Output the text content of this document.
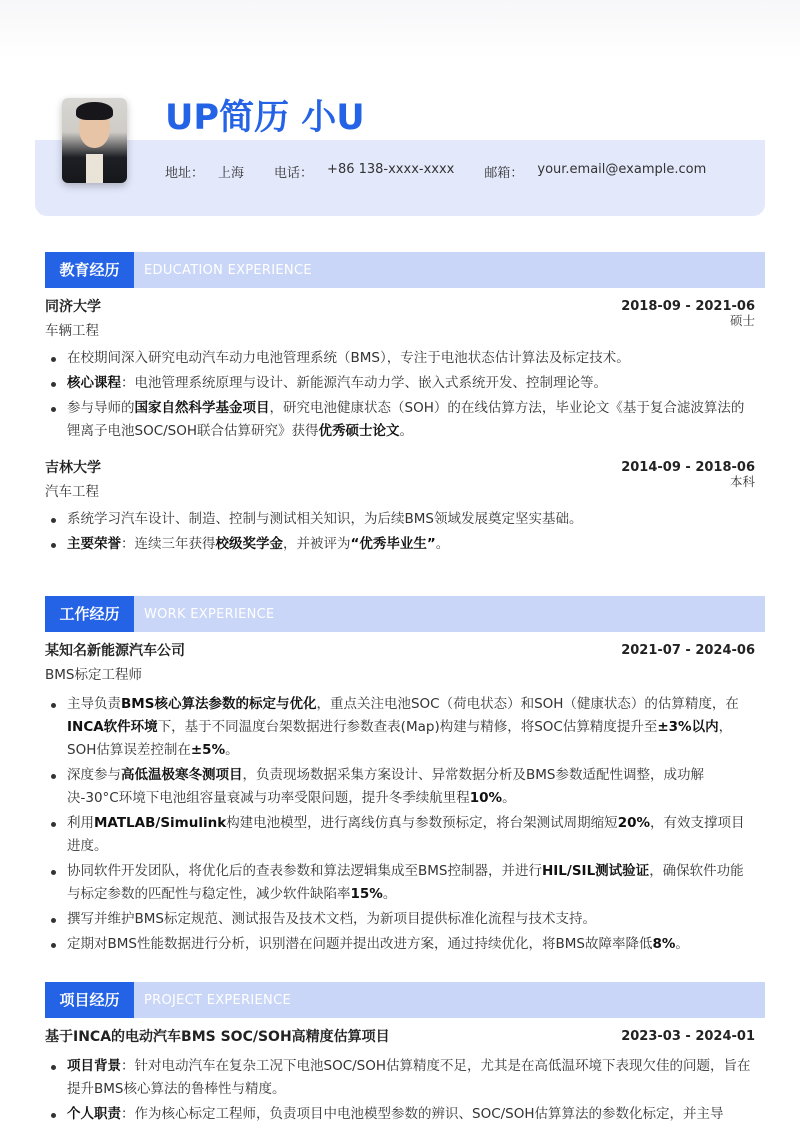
UP简历 小U
地址： 上海 电话： +86 138-xxxx-xxxx 邮箱： your.email@example.com
教育经历	EDUCATION EXPERIENCE
同济大学	2018-09 - 2021-06
车辆工程
硕士
在校期间深入研究电动汽车动力电池管理系统（BMS），专注于电池状态估计算法及标定技术。
核心课程：电池管理系统原理与设计、新能源汽车动力学、嵌入式系统开发、控制理论等。
参与导师的国家自然科学基金项目，研究电池健康状态（SOH）的在线估算方法，毕业论文《基于复合滤波算法的锂离子电池SOC/SOH联合估算研究》获得优秀硕士论文。
吉林大学	2014-09 - 2018-06
汽车工程
本科
系统学习汽车设计、制造、控制与测试相关知识，为后续BMS领域发展奠定坚实基础。
主要荣誉：连续三年获得校级奖学金，并被评为“优秀毕业生”。
工作经历	WORK EXPERIENCE
某知名新能源汽车公司	2021-07 - 2024-06
BMS标定工程师
主导负责BMS核心算法参数的标定与优化，重点关注电池SOC（荷电状态）和SOH（健康状态）的估算精度，在INCA软件环境下，基于不同温度台架数据进行参数查表(Map)构建与精修，将SOC估算精度提升至±3%以内，SOH估算误差控制在±5%。
深度参与高低温极寒冬测项目，负责现场数据采集方案设计、异常数据分析及BMS参数适配性调整，成功解决-30°C环境下电池组容量衰减与功率受限问题，提升冬季续航里程10%。
利用MATLAB/Simulink构建电池模型，进行离线仿真与参数预标定，将台架测试周期缩短20%，有效支撑项目进度。
协同软件开发团队，将优化后的查表参数和算法逻辑集成至BMS控制器，并进行HIL/SIL测试验证，确保软件功能与标定参数的匹配性与稳定性，减少软件缺陷率15%。
撰写并维护BMS标定规范、测试报告及技术文档，为新项目提供标准化流程与技术支持。
定期对BMS性能数据进行分析，识别潜在问题并提出改进方案，通过持续优化，将BMS故障率降低8%。
项目经历	PROJECT EXPERIENCE
基于INCA的电动汽车BMS SOC/SOH高精度估算项目	2023-03 - 2024-01
项目背景：针对电动汽车在复杂工况下电池SOC/SOH估算精度不足，尤其是在高低温环境下表现欠佳的问题，旨在提升BMS核心算法的鲁棒性与精度。
个人职责：作为核心标定工程师，负责项目中电池模型参数的辨识、SOC/SOH估算算法的参数化标定，并主导
